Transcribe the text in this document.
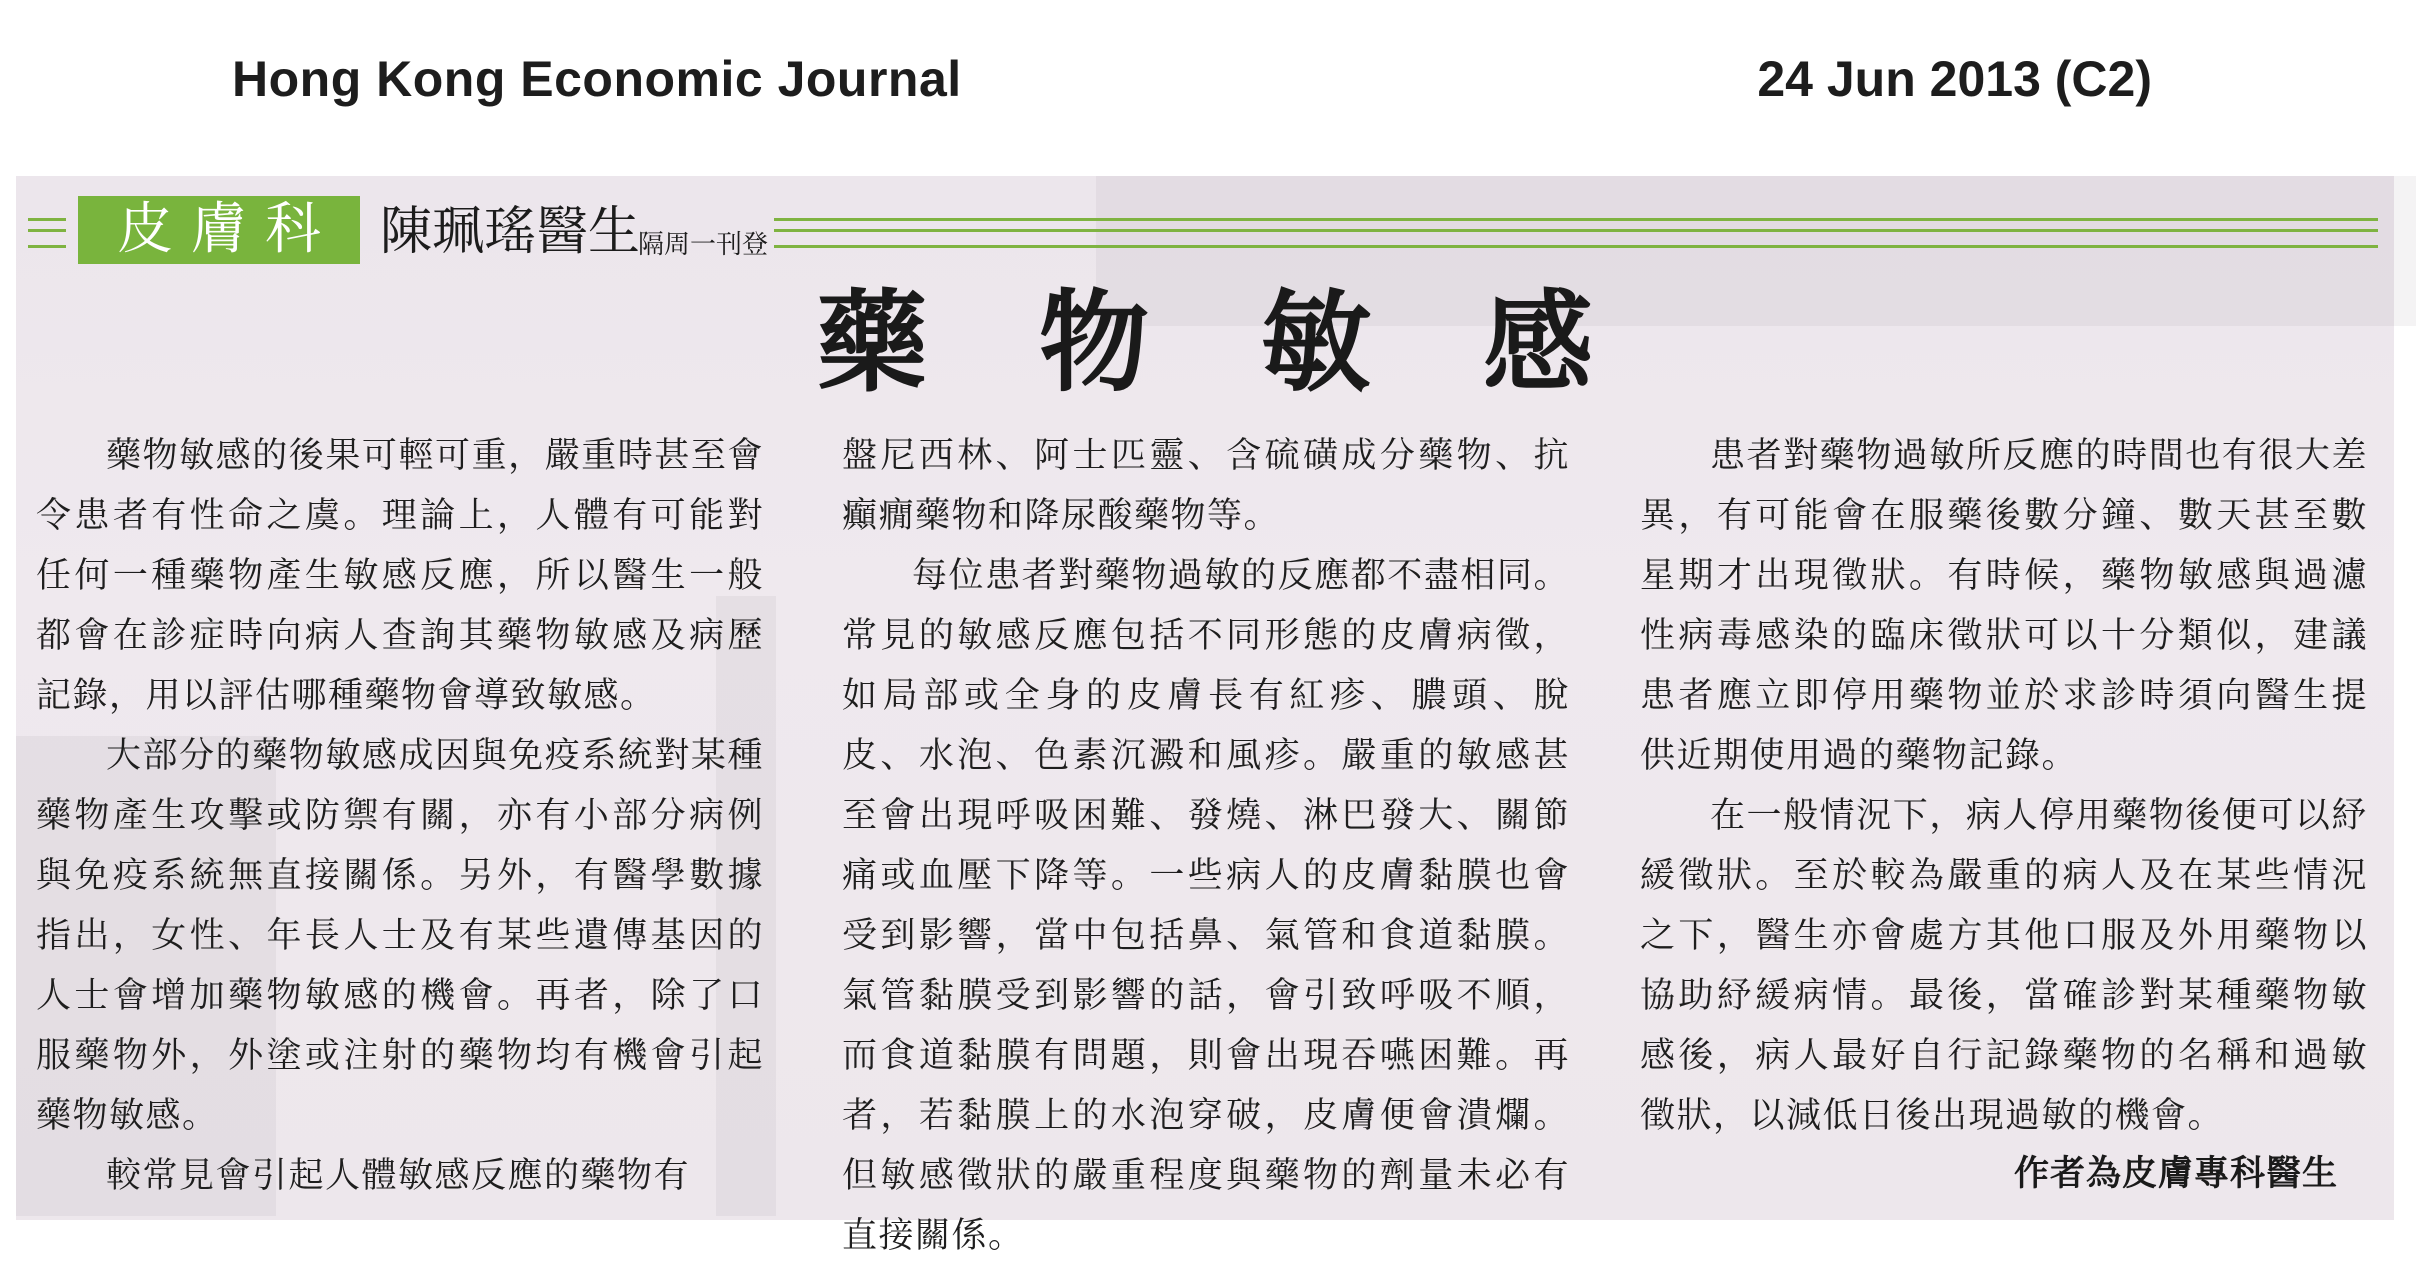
Hong Kong Economic Journal	24 Jun 2013 (C2)
皮膚科 陳珮瑤醫生
隔周一刊登
藥物敏感

藥物敏感的後果可輕可重，嚴重時甚至會令患者有性命之虞。理論上，人體有可能對任何一種藥物產生敏感反應，所以醫生一般都會在診症時向病人查詢其藥物敏感及病歷記錄，用以評估哪種藥物會導致敏感。

大部分的藥物敏感成因與免疫系統對某種藥物產生攻擊或防禦有關，亦有小部分病例與免疫系統無直接關係。另外，有醫學數據指出，女性、年長人士及有某些遺傳基因的人士會增加藥物敏感的機會。再者，除了口服藥物外，外塗或注射的藥物均有機會引起藥物敏感。

較常見會引起人體敏感反應的藥物有

盤尼西林、阿士匹靈、含硫磺成分藥物、抗癲癇藥物和降尿酸藥物等。

每位患者對藥物過敏的反應都不盡相同。常見的敏感反應包括不同形態的皮膚病徵，如局部或全身的皮膚長有紅疹、膿頭、脫皮、水泡、色素沉澱和風疹。嚴重的敏感甚至會出現呼吸困難、發燒、淋巴發大、關節痛或血壓下降等。一些病人的皮膚黏膜也會受到影響，當中包括鼻、氣管和食道黏膜。氣管黏膜受到影響的話，會引致呼吸不順，而食道黏膜有問題，則會出現吞嚥困難。再者，若黏膜上的水泡穿破，皮膚便會潰爛。但敏感徵狀的嚴重程度與藥物的劑量未必有直接關係。

患者對藥物過敏所反應的時間也有很大差異，有可能會在服藥後數分鐘、數天甚至數星期才出現徵狀。有時候，藥物敏感與過濾性病毒感染的臨床徵狀可以十分類似，建議患者應立即停用藥物並於求診時須向醫生提供近期使用過的藥物記錄。

在一般情況下，病人停用藥物後便可以紓緩徵狀。至於較為嚴重的病人及在某些情況之下，醫生亦會處方其他口服及外用藥物以協助紓緩病情。最後，當確診對某種藥物敏感後，病人最好自行記錄藥物的名稱和過敏徵狀，以減低日後出現過敏的機會。

作者為皮膚專科醫生
